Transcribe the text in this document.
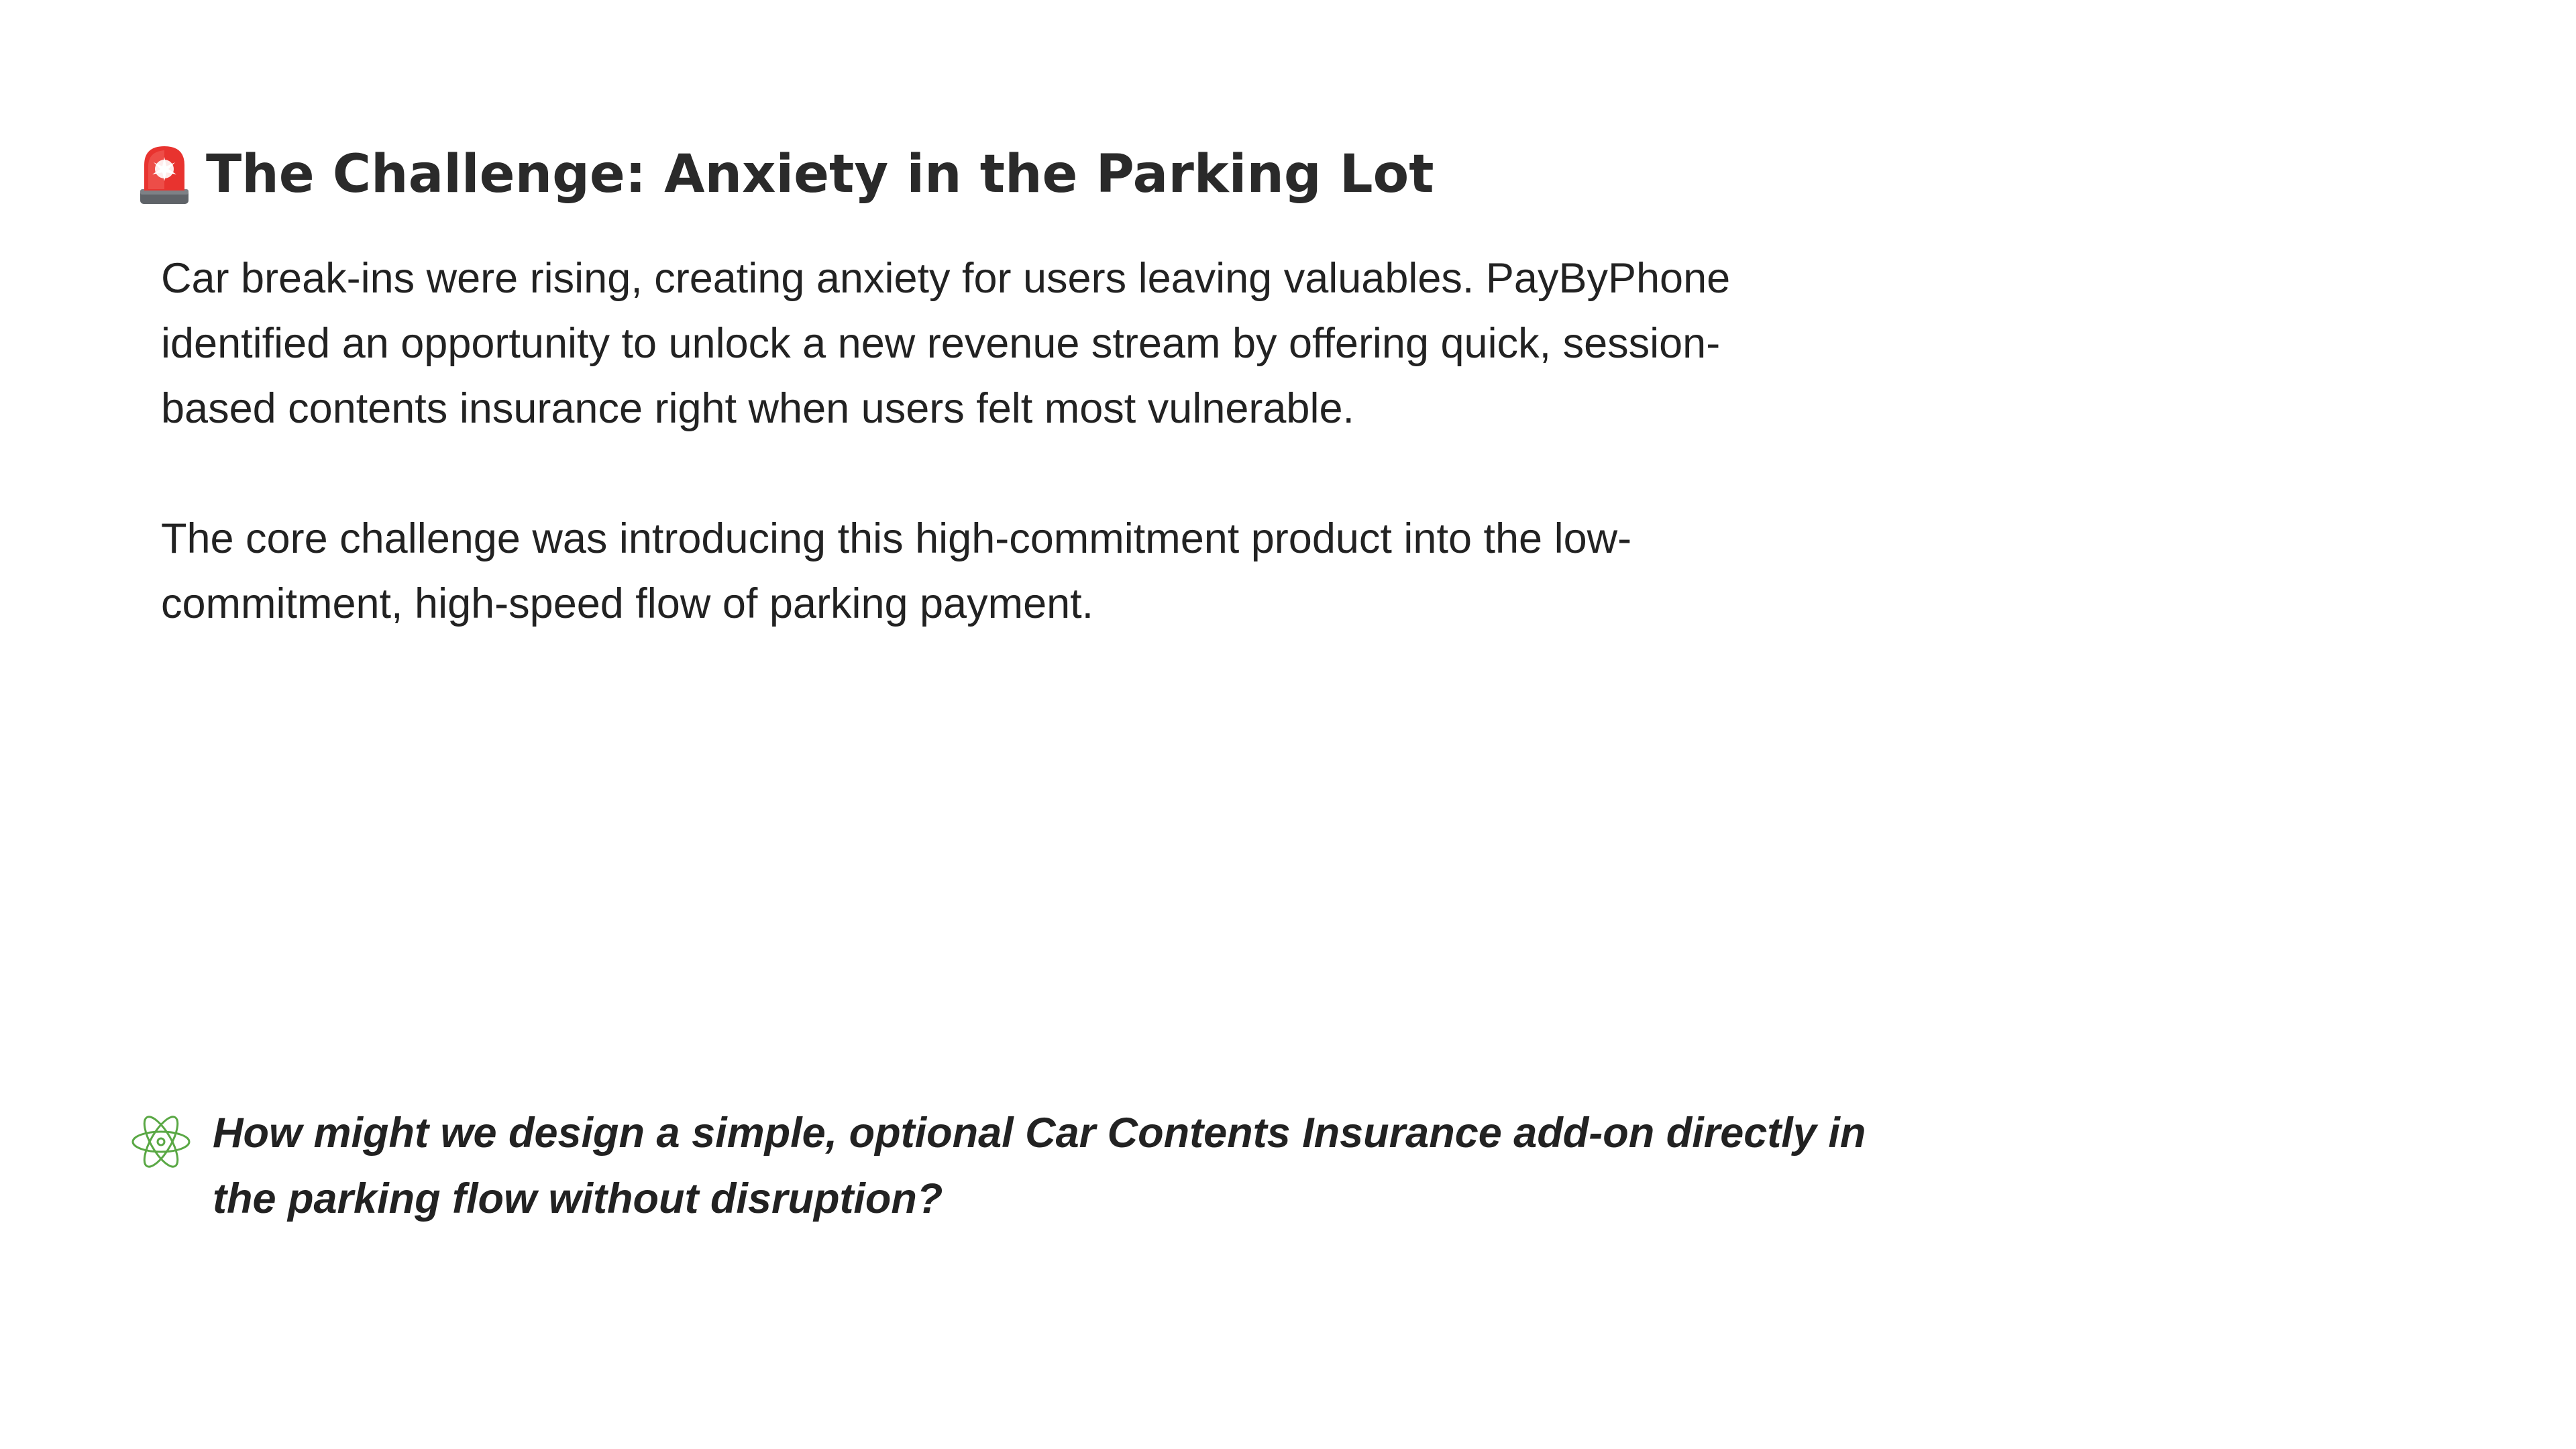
The Challenge: Anxiety in the Parking Lot

Car break-ins were rising, creating anxiety for users leaving valuables. PayByPhone identified an opportunity to unlock a new revenue stream by offering quick, session-based contents insurance right when users felt most vulnerable.

The core challenge was introducing this high-commitment product into the low-commitment, high-speed flow of parking payment.

How might we design a simple, optional Car Contents Insurance add-on directly in the parking flow without disruption?
